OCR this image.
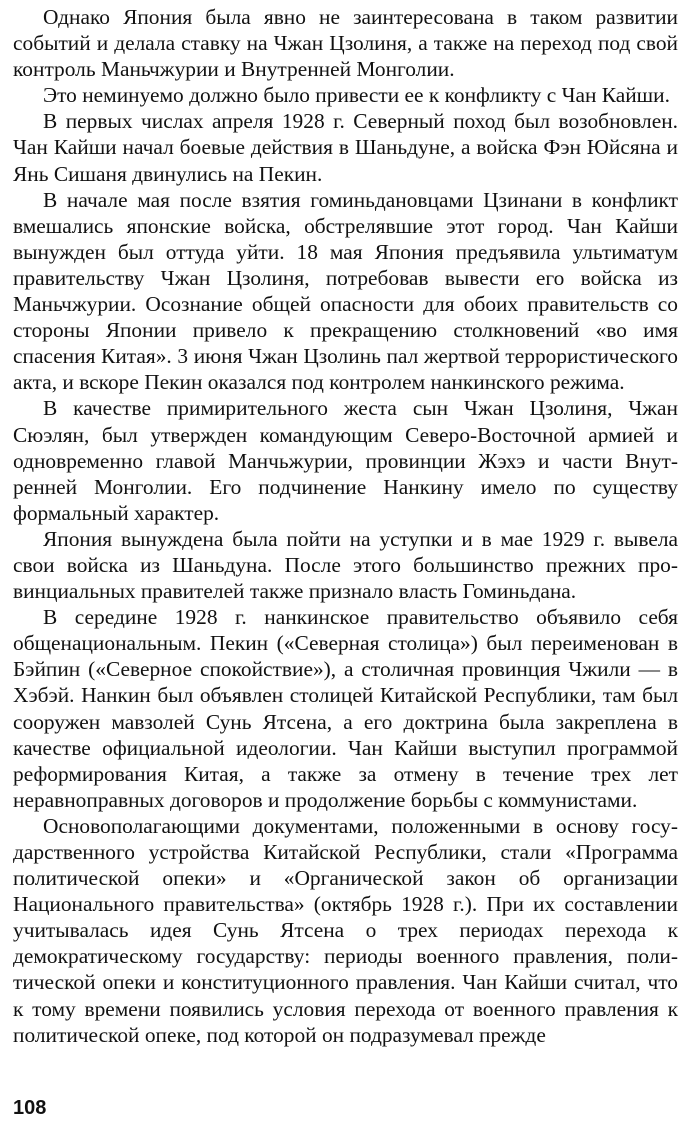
Однако Япония была явно не заинтересована в таком развитии событий и делала ставку на Чжан Цзолиня, а также на переход под свой контроль Маньчжурии и Внутренней Монголии.

Это неминуемо должно было привести ее к конфликту с Чан Кайши.

В первых числах апреля 1928 г. Северный поход был возобновлен. Чан Кайши начал боевые действия в Шаньдуне, а войска Фэн Юйсяна и Янь Сишаня двинулись на Пекин.

В начале мая после взятия гоминьдановцами Цзинани в конфликт вмешались японские войска, обстрелявшие этот город. Чан Кайши вынужден был оттуда уйти. 18 мая Япония предъявила ультиматум правительству Чжан Цзолиня, потребовав вывести его войска из Маньчжурии. Осознание общей опасности для обоих правительств со стороны Японии привело к прекращению столкновений «во имя спасения Китая». 3 июня Чжан Цзолинь пал жертвой террористического акта, и вскоре Пекин оказался под контролем нанкинского режима.

В качестве примирительного жеста сын Чжан Цзолиня, Чжан Сюэлян, был утвержден командующим Северо-Восточной армией и одновременно главой Манчьжурии, провинции Жэхэ и части Внутренней Монголии. Его подчинение Нанкину имело по существу формальный характер.

Япония вынуждена была пойти на уступки и в мае 1929 г. вывела свои войска из Шаньдуна. После этого большинство прежних провинциальных правителей также признало власть Гоминьдана.

В середине 1928 г. нанкинское правительство объявило себя общенациональным. Пекин («Северная столица») был переименован в Бэйпин («Северное спокойствие»), а столичная провинция Чжили — в Хэбэй. Нанкин был объявлен столицей Китайской Республики, там был сооружен мавзолей Сунь Ятсена, а его доктрина была закреплена в качестве официальной идеологии. Чан Кайши выступил программой реформирования Китая, а также за отмену в течение трех лет неравноправных договоров и продолжение борьбы с коммунистами.

Основополагающими документами, положенными в основу государственного устройства Китайской Республики, стали «Программа политической опеки» и «Органической закон об организации Национального правительства» (октябрь 1928 г.). При их составлении учитывалась идея Сунь Ятсена о трех периодах перехода к демократическому государству: периоды военного правления, политической опеки и конституционного правления. Чан Кайши считал, что к тому времени появились условия перехода от военного правления к политической опеке, под которой он подразумевал прежде

108
